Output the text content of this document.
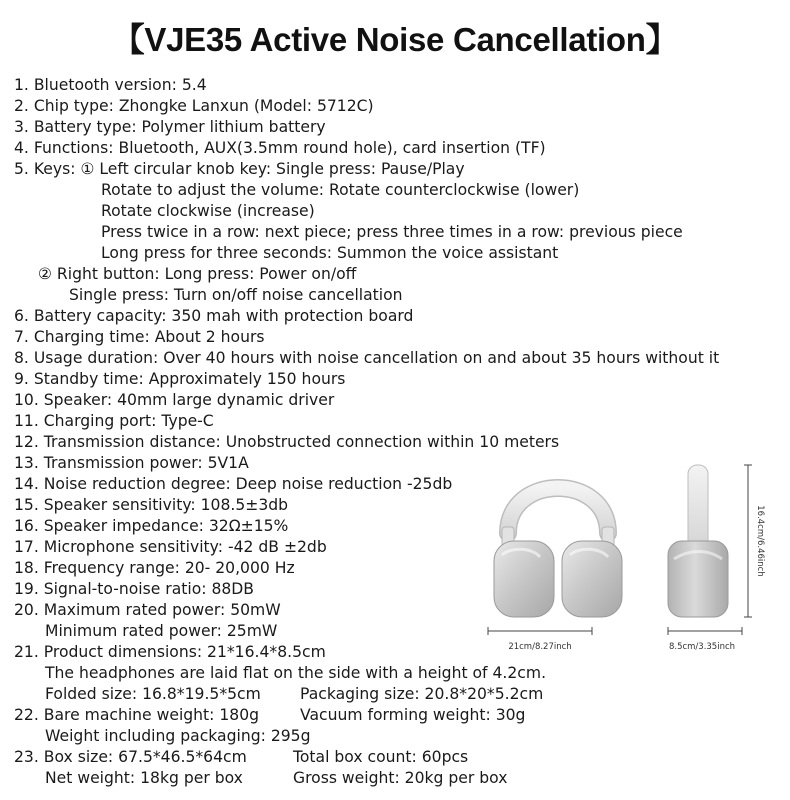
【VJE35 Active Noise Cancellation】
1. Bluetooth version: 5.4
2. Chip type: Zhongke Lanxun (Model: 5712C)
3. Battery type: Polymer lithium battery
4. Functions: Bluetooth, AUX(3.5mm round hole), card insertion (TF)
5. Keys: ① Left circular knob key: Single press: Pause/Play
Rotate to adjust the volume: Rotate counterclockwise (lower)
Rotate clockwise (increase)
Press twice in a row: next piece; press three times in a row: previous piece
Long press for three seconds: Summon the voice assistant
② Right button: Long press: Power on/off
Single press: Turn on/off noise cancellation
6. Battery capacity: 350 mah with protection board
7. Charging time: About 2 hours
8. Usage duration: Over 40 hours with noise cancellation on and about 35 hours without it
9. Standby time: Approximately 150 hours
10. Speaker: 40mm large dynamic driver
11. Charging port: Type-C
12. Transmission distance: Unobstructed connection within 10 meters
13. Transmission power: 5V1A
14. Noise reduction degree: Deep noise reduction -25db
15. Speaker sensitivity: 108.5±3db
16. Speaker impedance: 32Ω±15%
17. Microphone sensitivity: -42 dB ±2db
18. Frequency range: 20- 20,000 Hz
19. Signal-to-noise ratio: 88DB
20. Maximum rated power: 50mW
Minimum rated power: 25mW
21. Product dimensions: 21*16.4*8.5cm
The headphones are laid flat on the side with a height of 4.2cm.
Folded size: 16.8*19.5*5cm	Packaging size: 20.8*20*5.2cm
22. Bare machine weight: 180g	Vacuum forming weight: 30g
Weight including packaging: 295g
23. Box size: 67.5*46.5*64cm	Total box count: 60pcs
Net weight: 18kg per box	Gross weight: 20kg per box
21cm/8.27inch	8.5cm/3.35inch
16.4cm/6.46inch
